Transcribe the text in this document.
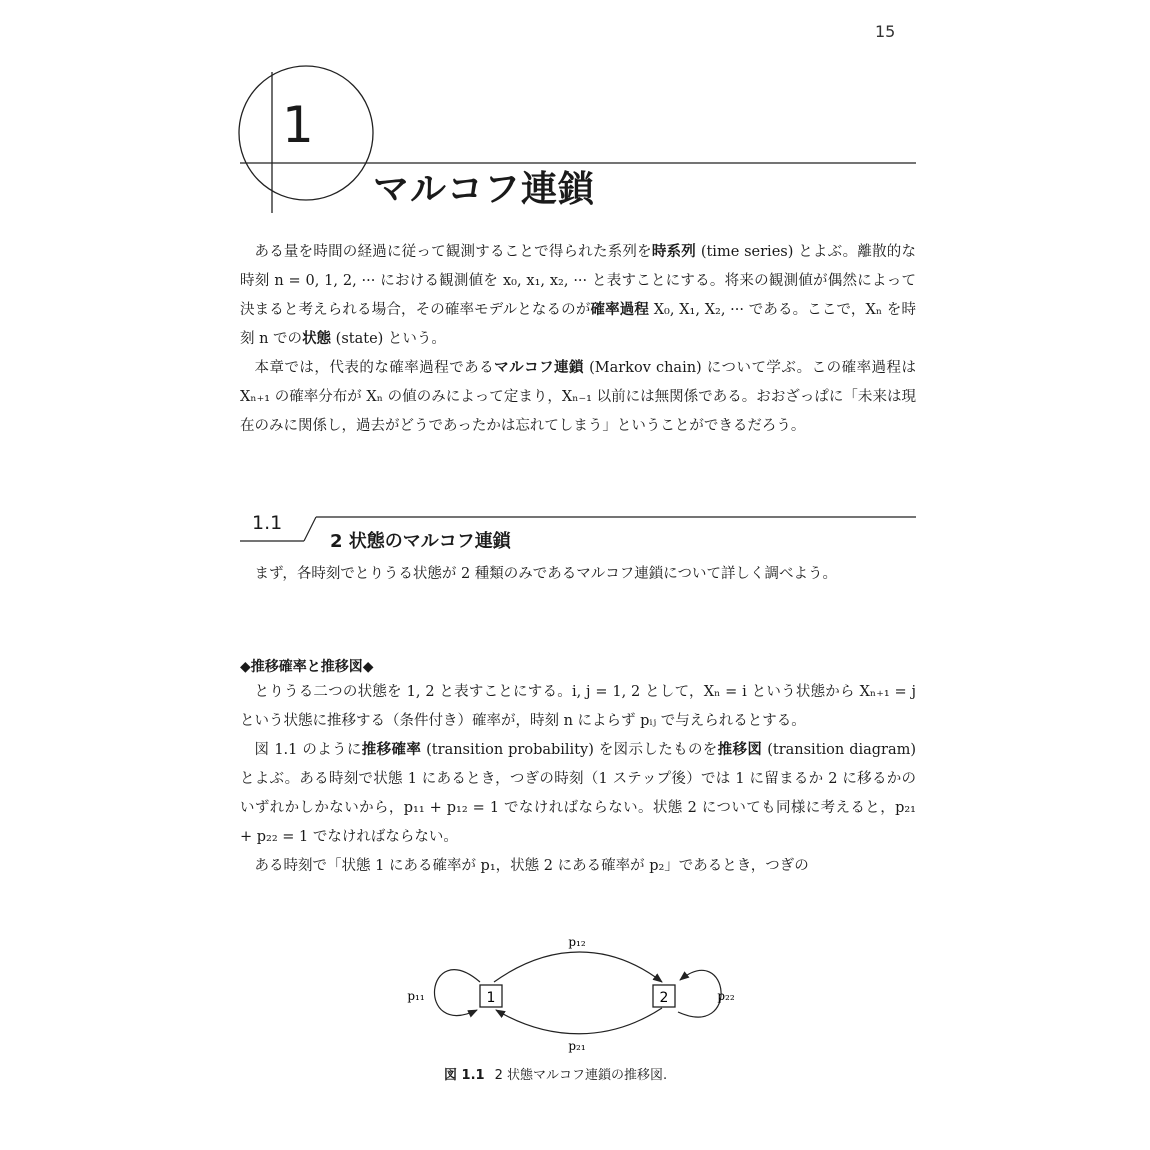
15
1
マルコフ連鎖

ある量を時間の経過に従って観測することで得られた系列を時系列 (time series) とよぶ。離散的な時刻 n = 0, 1, 2, ··· における観測値を x₀, x₁, x₂, ··· と表すことにする。将来の観測値が偶然によって決まると考えられる場合，その確率モデルとなるのが確率過程 X₀, X₁, X₂, ··· である。ここで，Xₙ を時刻 n での状態 (state) という。

本章では，代表的な確率過程であるマルコフ連鎖 (Markov chain) について学ぶ。この確率過程は Xₙ₊₁ の確率分布が Xₙ の値のみによって定まり，Xₙ₋₁ 以前には無関係である。おおざっぱに「未来は現在のみに関係し，過去がどうであったかは忘れてしまう」ということができるだろう。

1.1
2 状態のマルコフ連鎖

まず，各時刻でとりうる状態が 2 種類のみであるマルコフ連鎖について詳しく調べよう。

◆推移確率と推移図◆

とりうる二つの状態を 1, 2 と表すことにする。i, j = 1, 2 として，Xₙ = i という状態から Xₙ₊₁ = j という状態に推移する（条件付き）確率が，時刻 n によらず pᵢⱼ で与えられるとする。

図 1.1 のように推移確率 (transition probability) を図示したものを推移図 (transition diagram) とよぶ。ある時刻で状態 1 にあるとき，つぎの時刻（1 ステップ後）では 1 に留まるか 2 に移るかのいずれかしかないから，p₁₁ + p₁₂ = 1 でなければならない。状態 2 についても同様に考えると，p₂₁ + p₂₂ = 1 でなければならない。

ある時刻で「状態 1 にある確率が p₁，状態 2 にある確率が p₂」であるとき，つぎの

1	2
p₁₁	p₂₂
p₁₂
p₂₁
図 1.1 2 状態マルコフ連鎖の推移図.
